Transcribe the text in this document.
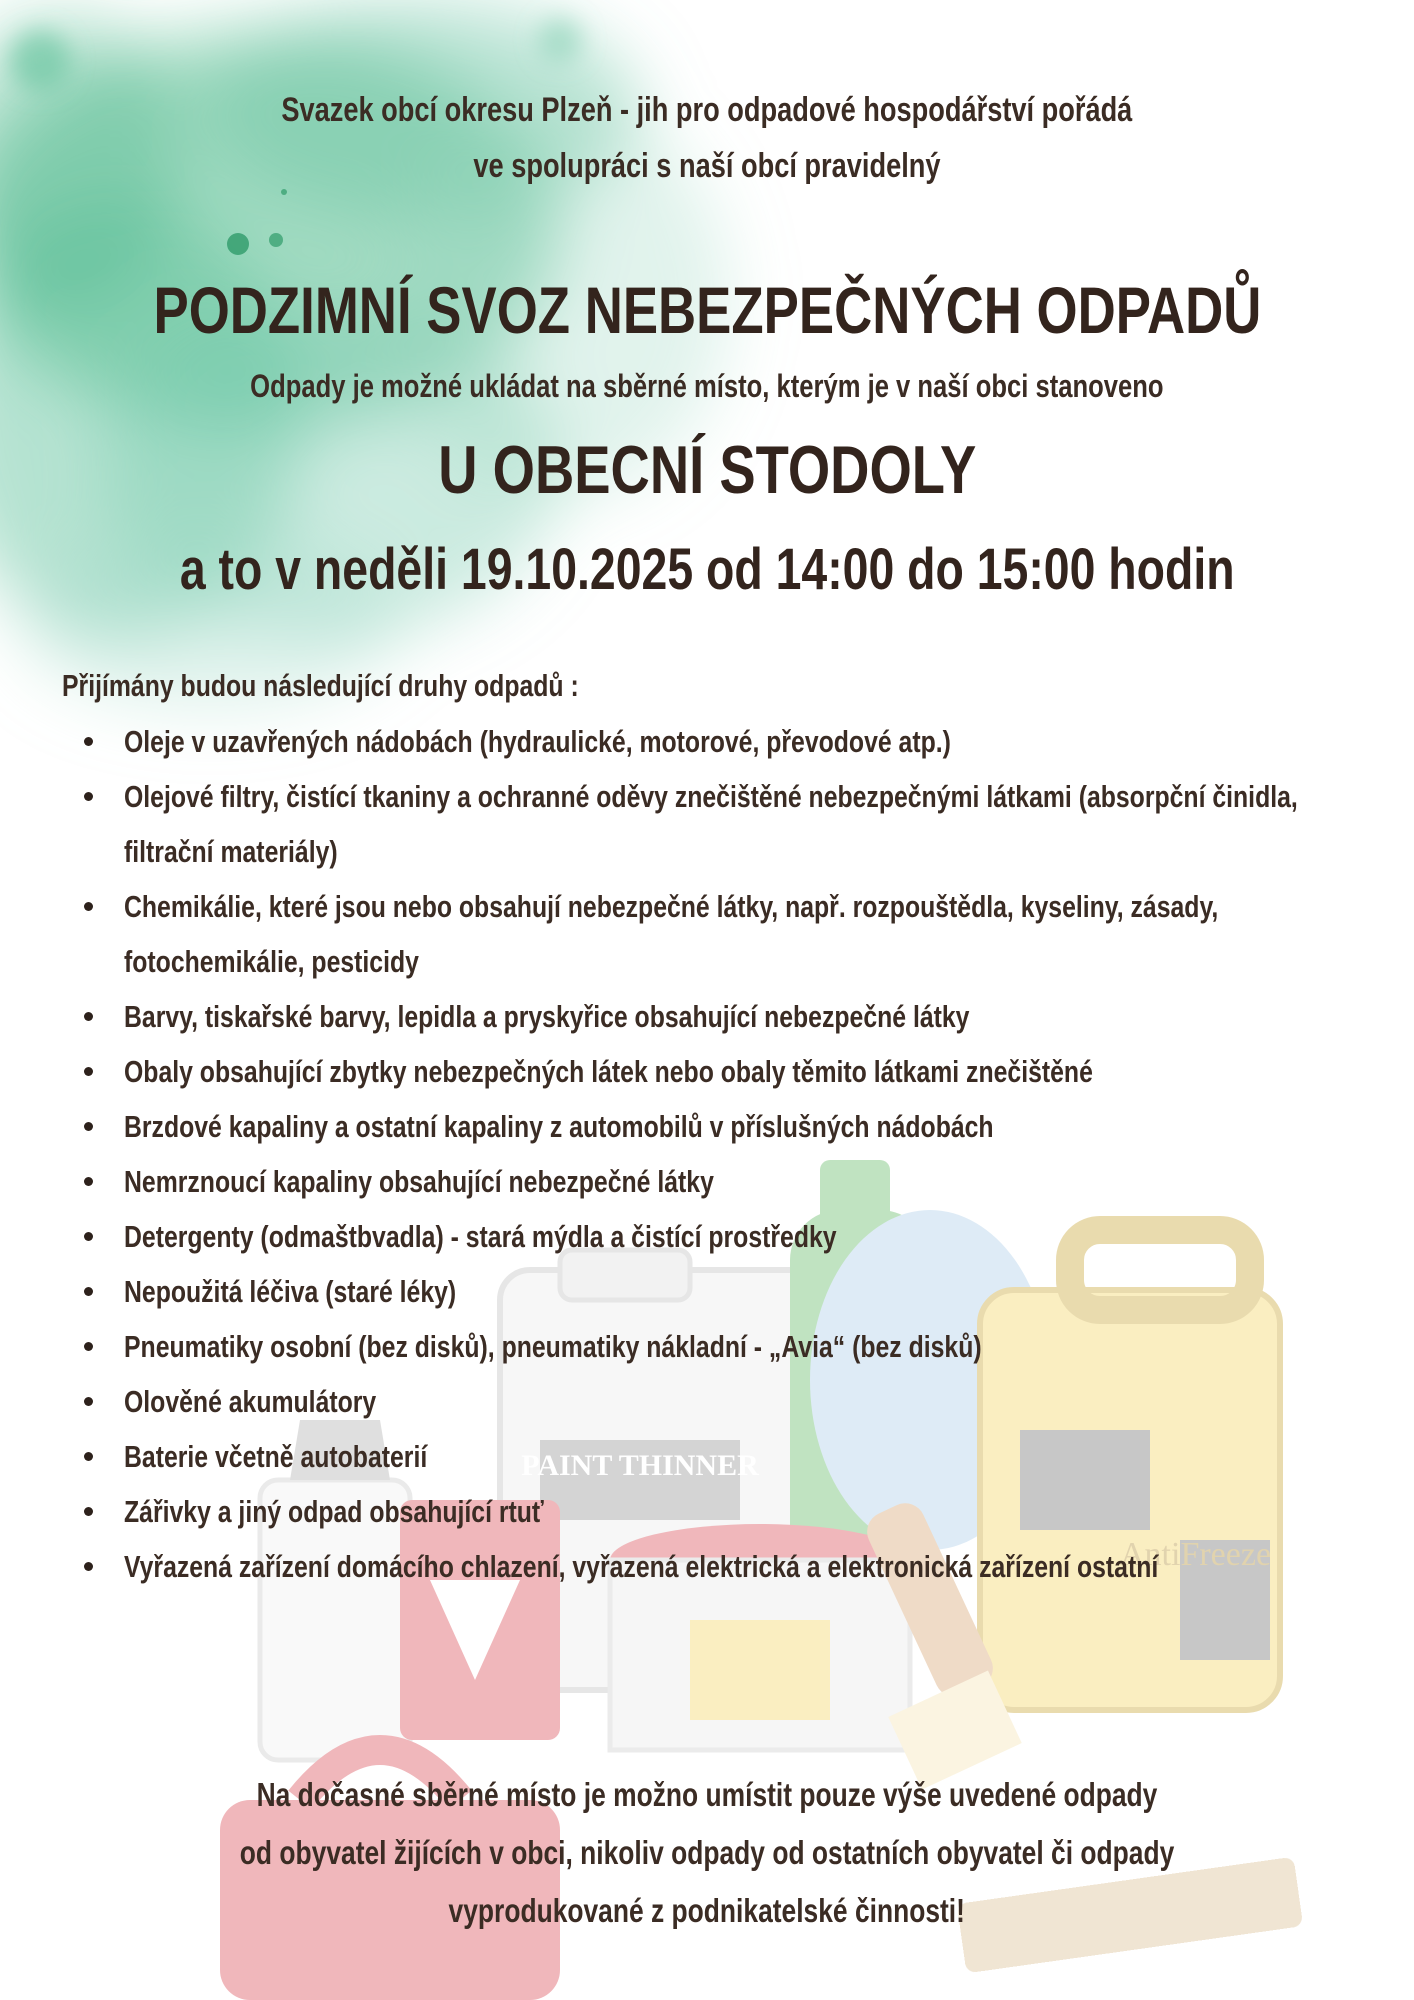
PAINT THINNER
AntiFreeze
Svazek obcí okresu Plzeň - jih pro odpadové hospodářství pořádá
ve spolupráci s naší obcí pravidelný
PODZIMNÍ SVOZ NEBEZPEČNÝCH ODPADŮ
Odpady je možné ukládat na sběrné místo, kterým je v naší obci stanoveno
U OBECNÍ STODOLY
a to v neděli 19.10.2025 od 14:00 do 15:00 hodin
Přijímány budou následující druhy odpadů :
Oleje v uzavřených nádobách (hydraulické, motorové, převodové atp.)
Olejové filtry, čistící tkaniny a ochranné oděvy znečištěné nebezpečnými látkami (absorpční činidla, filtrační materiály)
Chemikálie, které jsou nebo obsahují nebezpečné látky, např. rozpouštědla, kyseliny, zásady, fotochemikálie, pesticidy
Barvy, tiskařské barvy, lepidla a pryskyřice obsahující nebezpečné látky
Obaly obsahující zbytky nebezpečných látek nebo obaly těmito látkami znečištěné
Brzdové kapaliny a ostatní kapaliny z automobilů v příslušných nádobách
Nemrznoucí kapaliny obsahující nebezpečné látky
Detergenty (odmaštbvadla) - stará mýdla a čistící prostředky
Nepoužitá léčiva (staré léky)
Pneumatiky osobní (bez disků), pneumatiky nákladní - „Avia“ (bez disků)
Olověné akumulátory
Baterie včetně autobaterií
Zářivky a jiný odpad obsahující rtuť
Vyřazená zařízení domácího chlazení, vyřazená elektrická a elektronická zařízení ostatní
Na dočasné sběrné místo je možno umístit pouze výše uvedené odpady
od obyvatel žijících v obci, nikoliv odpady od ostatních obyvatel či odpady
vyprodukované z podnikatelské činnosti!
